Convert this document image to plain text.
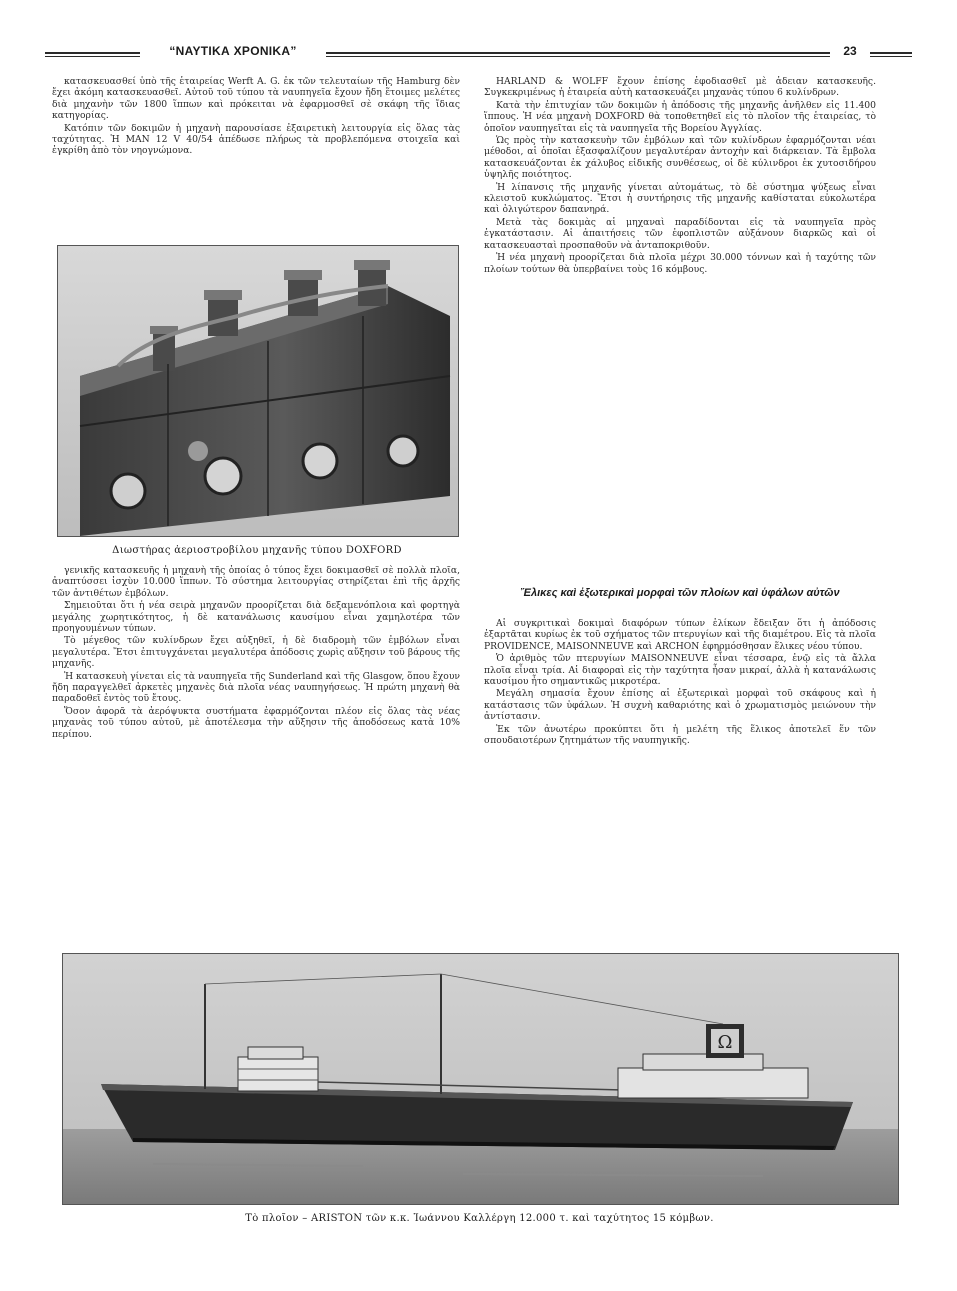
“ΝΑΥΤΙΚΑ ΧΡΟΝΙΚΑ”	23

κατασκευασθεί ὑπὸ τῆς ἑταιρείας Werft A. G. ἐκ τῶν τελευταίων τῆς Hamburg δὲν ἔχει ἀκόμη κατασκευασθεῖ. Αὐτοῦ τοῦ τύπου τὰ ναυπηγεῖα ἔχουν ἤδη ἕτοιμες μελέτες διὰ μηχανὴν τῶν 1800 ἵππων καὶ πρόκειται νὰ ἐφαρμοσθεῖ σὲ σκάφη τῆς ἴδιας κατηγορίας.

Κατόπιν τῶν δοκιμῶν ἡ μηχανὴ παρουσίασε ἐξαιρετικὴ λειτουργία εἰς ὅλας τὰς ταχύτητας. Ἡ MAN 12 V 40/54 ἀπέδωσε πλήρως τὰ προβλεπόμενα στοιχεῖα καὶ ἐγκρίθη ἀπὸ τὸν νηογνώμονα.

Διωστήρας ἀεριοστροβίλου μηχανῆς τύπου DOXFORD

γενικῆς κατασκευῆς ἡ μηχανὴ τῆς ὁποίας ὁ τύπος ἔχει δοκιμασθεῖ σὲ πολλὰ πλοῖα, ἀναπτύσσει ἰσχὺν 10.000 ἵππων. Τὸ σύστημα λειτουργίας στηρίζεται ἐπὶ τῆς ἀρχῆς τῶν ἀντιθέτων ἐμβόλων.

Σημειοῦται ὅτι ἡ νέα σειρὰ μηχανῶν προορίζεται διὰ δεξαμενόπλοια καὶ φορτηγὰ μεγάλης χωρητικότητος, ἡ δὲ κατανάλωσις καυσίμου εἶναι χαμηλοτέρα τῶν προηγουμένων τύπων.

Τὸ μέγεθος τῶν κυλίνδρων ἔχει αὐξηθεῖ, ἡ δὲ διαδρομὴ τῶν ἐμβόλων εἶναι μεγαλυτέρα. Ἔτσι ἐπιτυγχάνεται μεγαλυτέρα ἀπόδοσις χωρὶς αὔξησιν τοῦ βάρους τῆς μηχανῆς.

Ἡ κατασκευὴ γίνεται εἰς τὰ ναυπηγεῖα τῆς Sunderland καὶ τῆς Glasgow, ὅπου ἔχουν ἤδη παραγγελθεῖ ἀρκετὲς μηχανὲς διὰ πλοῖα νέας ναυπηγήσεως. Ἡ πρώτη μηχανὴ θὰ παραδοθεῖ ἐντὸς τοῦ ἔτους.

Ὅσον ἀφορᾶ τὰ ἀερόψυκτα συστήματα ἐφαρμόζονται πλέον εἰς ὅλας τὰς νέας μηχανὰς τοῦ τύπου αὐτοῦ, μὲ ἀποτέλεσμα τὴν αὔξησιν τῆς ἀποδόσεως κατὰ 10% περίπου.

HARLAND & WOLFF ἔχουν ἐπίσης ἐφοδιασθεῖ μὲ ἀδειαν κατασκευῆς. Συγκεκριμένως ἡ ἑταιρεία αὐτὴ κατασκευάζει μηχανὰς τύπου 6 κυλίνδρων.

Κατὰ τὴν ἐπιτυχίαν τῶν δοκιμῶν ἡ ἀπόδοσις τῆς μηχανῆς ἀνῆλθεν εἰς 11.400 ἵππους. Ἡ νέα μηχανὴ DOXFORD θὰ τοποθετηθεῖ εἰς τὸ πλοῖον τῆς ἑταιρείας, τὸ ὁποῖον ναυπηγεῖται εἰς τὰ ναυπηγεῖα τῆς Βορείου Ἀγγλίας.

Ὡς πρὸς τὴν κατασκευὴν τῶν ἐμβόλων καὶ τῶν κυλίνδρων ἐφαρμόζονται νέαι μέθοδοι, αἱ ὁποῖαι ἐξασφαλίζουν μεγαλυτέραν ἀντοχὴν καὶ διάρκειαν. Τὰ ἔμβολα κατασκευάζονται ἐκ χάλυβος εἰδικῆς συνθέσεως, οἱ δὲ κύλινδροι ἐκ χυτοσιδήρου ὑψηλῆς ποιότητος.

Ἡ λίπανσις τῆς μηχανῆς γίνεται αὐτομάτως, τὸ δὲ σύστημα ψύξεως εἶναι κλειστοῦ κυκλώματος. Ἔτσι ἡ συντήρησις τῆς μηχανῆς καθίσταται εὐκολωτέρα καὶ ὀλιγώτερον δαπανηρά.

Μετὰ τὰς δοκιμὰς αἱ μηχαναὶ παραδίδονται εἰς τὰ ναυπηγεῖα πρὸς ἐγκατάστασιν. Αἱ ἀπαιτήσεις τῶν ἐφοπλιστῶν αὐξάνουν διαρκῶς καὶ οἱ κατασκευασταὶ προσπαθοῦν νὰ ἀνταποκριθοῦν.

Ἡ νέα μηχανὴ προορίζεται διὰ πλοῖα μέχρι 30.000 τόννων καὶ ἡ ταχύτης τῶν πλοίων τούτων θὰ ὑπερβαίνει τοὺς 16 κόμβους.

Ἕλικες καὶ ἐξωτερικαὶ μορφαὶ τῶν πλοίων καὶ ὑφάλων αὐτῶν

Αἱ συγκριτικαὶ δοκιμαὶ διαφόρων τύπων ἑλίκων ἔδειξαν ὅτι ἡ ἀπόδοσις ἐξαρτᾶται κυρίως ἐκ τοῦ σχήματος τῶν πτερυγίων καὶ τῆς διαμέτρου. Εἰς τὰ πλοῖα PROVIDENCE, MAISONNEUVE καὶ ARCHON ἐφηρμόσθησαν ἕλικες νέου τύπου.

Ὁ ἀριθμὸς τῶν πτερυγίων MAISONNEUVE εἶναι τέσσαρα, ἐνῷ εἰς τὰ ἄλλα πλοῖα εἶναι τρία. Αἱ διαφοραὶ εἰς τὴν ταχύτητα ἦσαν μικραί, ἀλλὰ ἡ κατανάλωσις καυσίμου ἦτο σημαντικῶς μικροτέρα.

Μεγάλη σημασία ἔχουν ἐπίσης αἱ ἐξωτερικαὶ μορφαὶ τοῦ σκάφους καὶ ἡ κατάστασις τῶν ὑφάλων. Ἡ συχνὴ καθαριότης καὶ ὁ χρωματισμὸς μειώνουν τὴν ἀντίστασιν.

Ἐκ τῶν ἀνωτέρω προκύπτει ὅτι ἡ μελέτη τῆς ἕλικος ἀποτελεῖ ἕν τῶν σπουδαιοτέρων ζητημάτων τῆς ναυπηγικῆς.

Ω
Τὸ πλοῖον – ARISTON τῶν κ.κ. Ἰωάννου Καλλέργη 12.000 τ. καὶ ταχύτητος 15 κόμβων.
